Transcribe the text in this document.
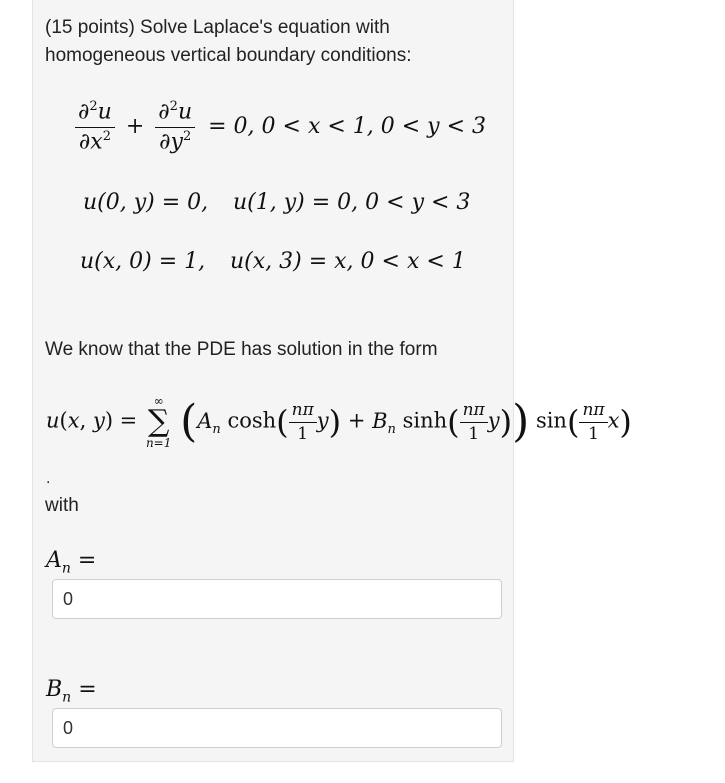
(15 points) Solve Laplace's equation with
homogeneous vertical boundary conditions:
$\frac{\partial^2u}{\partial x^2} + \frac{\partial^2u}{\partial y^2} = 0$, 0 < x < 1, 0 < y < 3
u(0, y) = 0, u(1, y) = 0, 0 < y < 3
u(x, 0) = 1, u(x, 3) = x, 0 < x < 1
We know that the PDE has solution in the form
u(x, y) =
∞
∑
n=1 ($A_n$ $\cosh( \frac{n\pi}{1} y) + B_n$ $\sinh( \frac{n\pi}{1} y)$) $\sin( \frac{n\pi}{1} x)$
.
with
$A_n$ =
0
$B_n$ =
0
